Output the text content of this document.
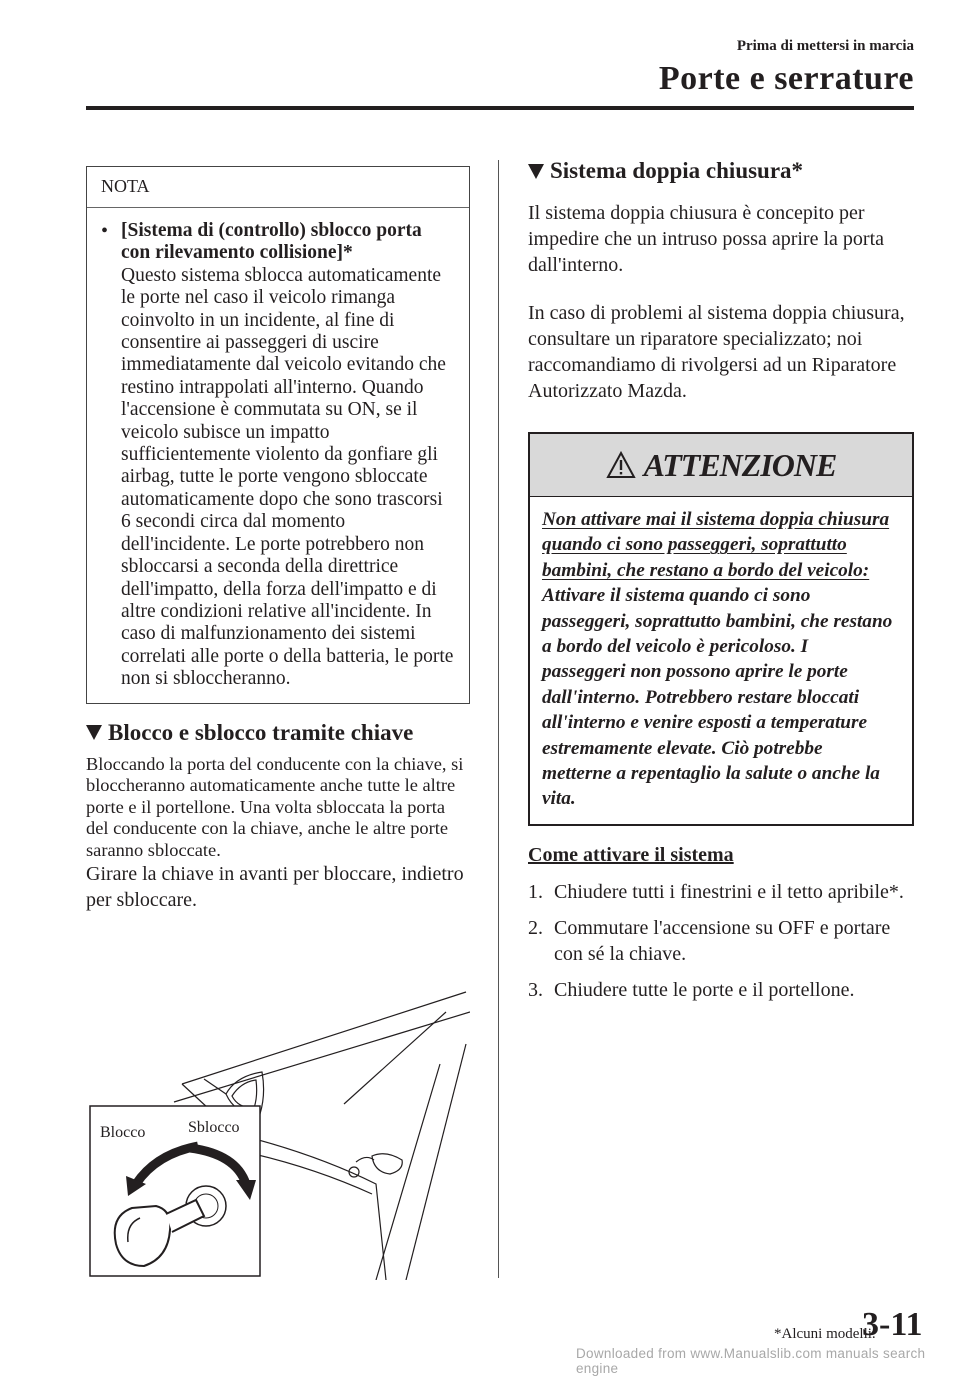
Prima di mettersi in marcia
Porte e serrature
NOTA
• [Sistema di (controllo) sblocco porta con rilevamento collisione]*
Questo sistema sblocca automaticamente le porte nel caso il veicolo rimanga coinvolto in un incidente, al fine di consentire ai passeggeri di uscire immediatamente dal veicolo evitando che restino intrappolati all'interno. Quando l'accensione è commutata su ON, se il veicolo subisce un impatto sufficientemente violento da gonfiare gli airbag, tutte le porte vengono sbloccate automaticamente dopo che sono trascorsi 6 secondi circa dal momento dell'incidente. Le porte potrebbero non sbloccarsi a seconda della direttrice dell'impatto, della forza dell'impatto e di altre condizioni relative all'incidente. In caso di malfunzionamento dei sistemi correlati alle porte o della batteria, le porte non si sbloccheranno.
Blocco e sblocco tramite chiave

Bloccando la porta del conducente con la chiave, si bloccheranno automaticamente anche tutte le altre porte e il portellone. Una volta sbloccata la porta del conducente con la chiave, anche le altre porte saranno sbloccate.

Girare la chiave in avanti per bloccare, indietro per sbloccare.

Blocco	Sblocco
Sistema doppia chiusura*

Il sistema doppia chiusura è concepito per impedire che un intruso possa aprire la porta dall'interno.

In caso di problemi al sistema doppia chiusura, consultare un riparatore specializzato; noi raccomandiamo di rivolgersi ad un Riparatore Autorizzato Mazda.

ATTENZIONE
Non attivare mai il sistema doppia chiusura quando ci sono passeggeri, soprattutto bambini, che restano a bordo del veicolo:
Attivare il sistema quando ci sono passeggeri, soprattutto bambini, che restano a bordo del veicolo è pericoloso. I passeggeri non possono aprire le porte dall'interno. Potrebbero restare bloccati all'interno e venire esposti a temperature estremamente elevate. Ciò potrebbe metterne a repentaglio la salute o anche la vita.
Come attivare il sistema
1. Chiudere tutti i finestrini e il tetto apribile*.
2. Commutare l'accensione su OFF e portare con sé la chiave.
3. Chiudere tutte le porte e il portellone.
*Alcuni modelli.
3-11
Downloaded from www.Manualslib.com manuals search engine
